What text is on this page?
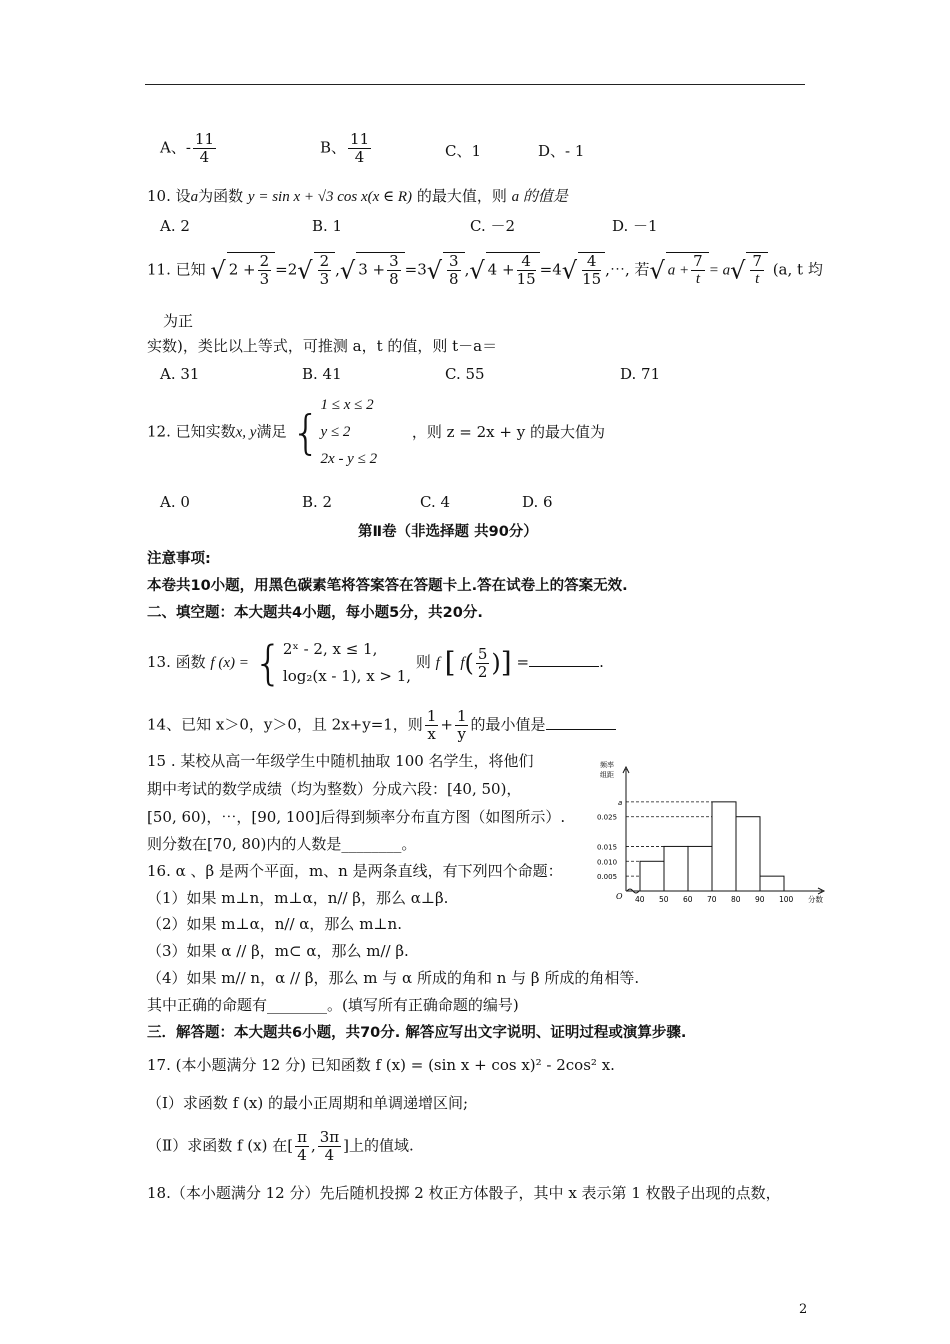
A、- $\frac{11}{4}$	B、 $\frac{11}{4}$	C、1	D、- 1
10. 设a为函数 y = sin x + √3 cos x(x ∈ R) 的最大值，则 a 的值是
A. 2	B. 1	C. －2	D. －1
11. 已知 √ $2 + \frac{2}{3} =2√ \frac{2}{3}$ ,√ $3 + \frac{3}{8} =3√ \frac{3}{8}$ ,√ $4 + \frac{4}{15} =4√ \frac{4}{15}$ ,⋯, 若√ $a + \frac{7}{t} = a√ \frac{7}{t} (a$, t 均
为正
实数)，类比以上等式，可推测 a，t 的值，则 t－a＝
A. 31	B. 41	C. 55	D. 71
12. 已知实数x, y满足 {
1 ≤ x ≤ 2
y ≤ 2
2x - y ≤ 2
，则 z = 2x + y 的最大值为
A. 0	B. 2	C. 4	D. 6
第Ⅱ卷（非选择题 共90分）
注意事项:
本卷共10小题，用黑色碳素笔将答案答在答题卡上.答在试卷上的答案无效.
二、填空题：本大题共4小题，每小题5分，共20分.
13. 函数 f (x) = { 2ˣ - 2, x ≤ 1,
log₂(x - 1), x > 1,
则 f [ $f( \frac{5}{2}$ )] =	.
14、已知 x＞0，y＞0，且 2x+y=1，则 $\frac{1}{x} + \frac{1}{y}$ 的最小值是
15 . 某校从高一年级学生中随机抽取 100 名学生，将他们
期中考试的数学成绩（均为整数）分成六段：[40, 50)，
[50, 60)，⋯，[90, 100]后得到频率分布直方图（如图所示）.
则分数在[70, 80)内的人数是________。
频率
组距
a
0.025
0.015
0.010
0.005
40 50 60 70 80 90 100 分数
O
16. α 、β 是两个平面，m、n 是两条直线，有下列四个命题：
（1）如果 m⊥n，m⊥α，n// β，那么 α⊥β.
（2）如果 m⊥α，n// α，那么 m⊥n.
（3）如果 α // β，m⊂ α，那么 m// β.
（4）如果 m// n，α // β，那么 m 与 α 所成的角和 n 与 β 所成的角相等.
其中正确的命题有________。(填写所有正确命题的编号)
三．解答题：本大题共6小题，共70分. 解答应写出文字说明、证明过程或演算步骤.
17. (本小题满分 12 分) 已知函数 f (x) = (sin x + cos x)² - 2cos² x.
（Ⅰ）求函数 f (x) 的最小正周期和单调递增区间;
（Ⅱ）求函数 f (x) 在[ $\frac{\pi}{4}$ , $\frac{3\pi}{4}$ ]上的值域.
18.（本小题满分 12 分）先后随机投掷 2 枚正方体骰子，其中 x 表示第 1 枚骰子出现的点数，
2
